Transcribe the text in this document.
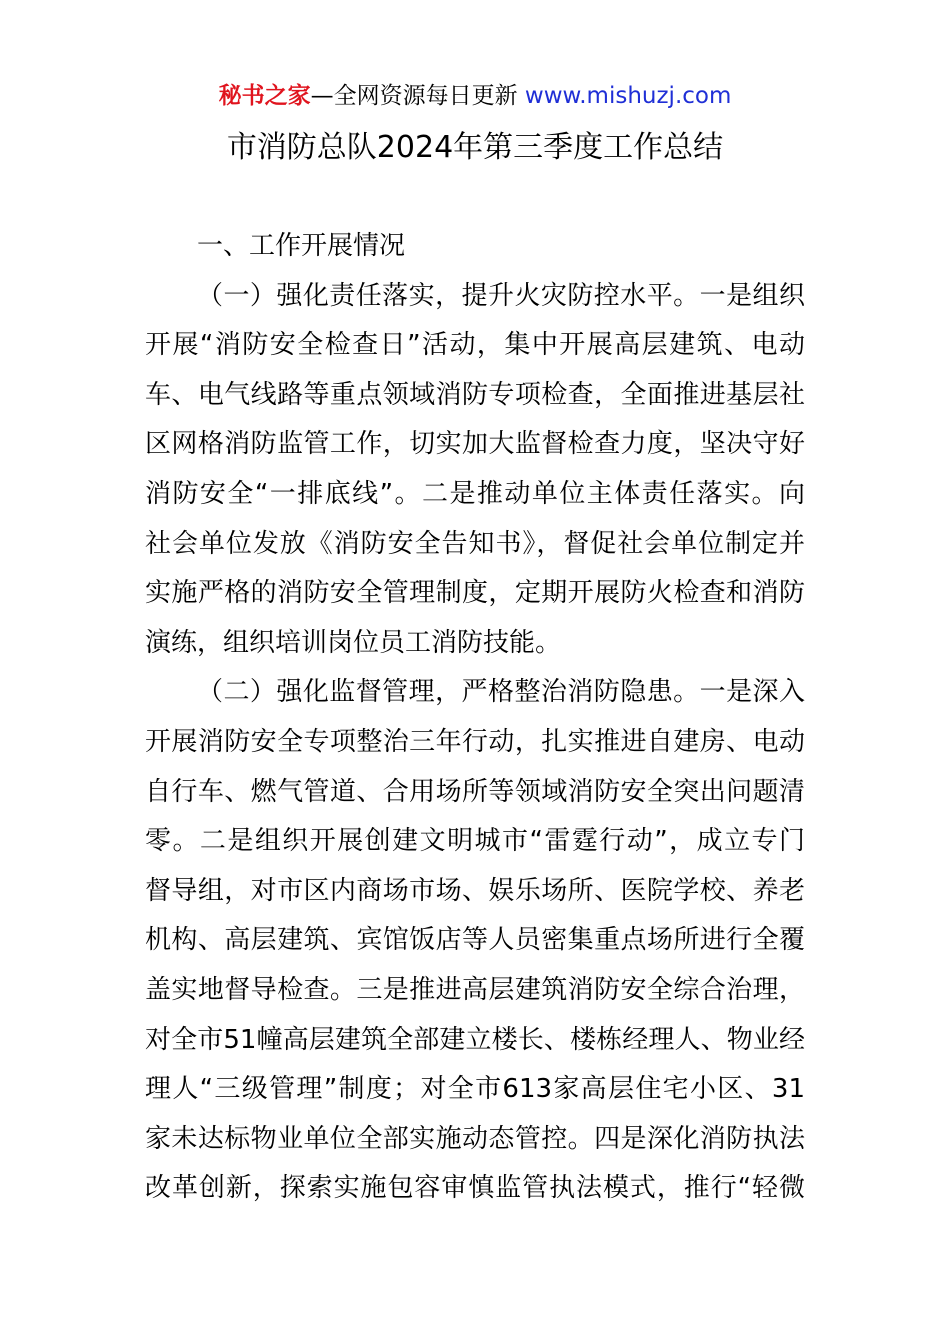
秘书之家—全网资源每日更新 www.mishuzj.com
市消防总队2024年第三季度工作总结
一、工作开展情况
（一）强化责任落实，提升火灾防控水平。一是组织
开展“消防安全检查日”活动，集中开展高层建筑、电动
车、电气线路等重点领域消防专项检查，全面推进基层社
区网格消防监管工作，切实加大监督检查力度，坚决守好
消防安全“一排底线”。二是推动单位主体责任落实。向
社会单位发放《消防安全告知书》，督促社会单位制定并
实施严格的消防安全管理制度，定期开展防火检查和消防
演练，组织培训岗位员工消防技能。
（二）强化监督管理，严格整治消防隐患。一是深入
开展消防安全专项整治三年行动，扎实推进自建房、电动
自行车、燃气管道、合用场所等领域消防安全突出问题清
零。二是组织开展创建文明城市“雷霆行动”，成立专门
督导组，对市区内商场市场、娱乐场所、医院学校、养老
机构、高层建筑、宾馆饭店等人员密集重点场所进行全覆
盖实地督导检查。三是推进高层建筑消防安全综合治理，
对全市51幢高层建筑全部建立楼长、楼栋经理人、物业经
理人“三级管理”制度；对全市613家高层住宅小区、31
家未达标物业单位全部实施动态管控。四是深化消防执法
改革创新，探索实施包容审慎监管执法模式，推行“轻微
